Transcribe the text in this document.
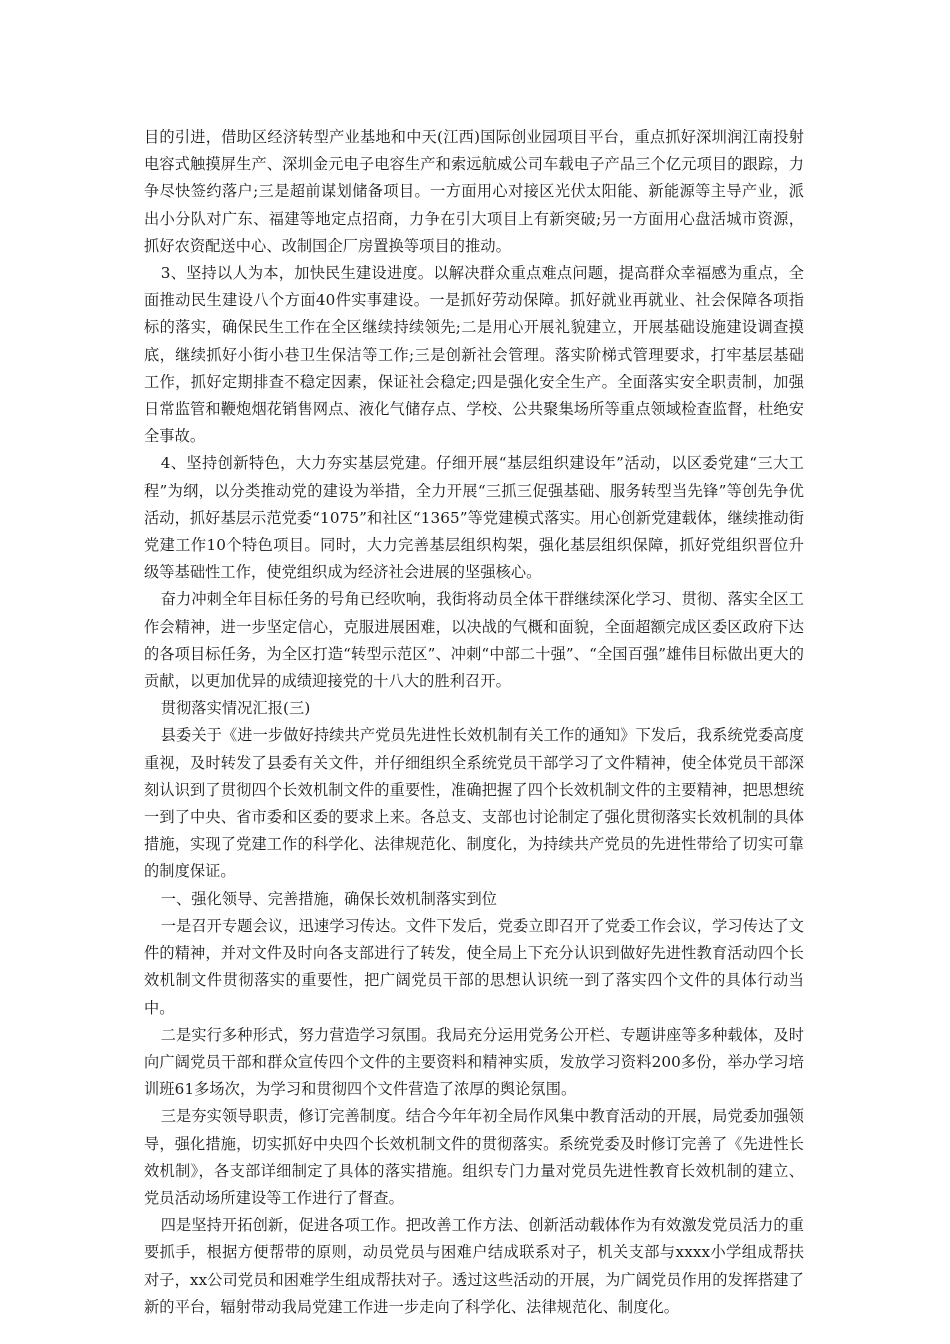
目的引进，借助区经济转型产业基地和中天(江西)国际创业园项目平台，重点抓好深圳润江南投射电容式触摸屏生产、深圳金元电子电容生产和索远航威公司车载电子产品三个亿元项目的跟踪，力争尽快签约落户;三是超前谋划储备项目。一方面用心对接区光伏太阳能、新能源等主导产业，派出小分队对广东、福建等地定点招商，力争在引大项目上有新突破;另一方面用心盘活城市资源，抓好农资配送中心、改制国企厂房置换等项目的推动。

3、坚持以人为本，加快民生建设进度。以解决群众重点难点问题，提高群众幸福感为重点，全面推动民生建设八个方面40件实事建设。一是抓好劳动保障。抓好就业再就业、社会保障各项指标的落实，确保民生工作在全区继续持续领先;二是用心开展礼貌建立，开展基础设施建设调查摸底，继续抓好小街小巷卫生保洁等工作;三是创新社会管理。落实阶梯式管理要求，打牢基层基础工作，抓好定期排查不稳定因素，保证社会稳定;四是强化安全生产。全面落实安全职责制，加强日常监管和鞭炮烟花销售网点、液化气储存点、学校、公共聚集场所等重点领域检查监督，杜绝安全事故。

4、坚持创新特色，大力夯实基层党建。仔细开展“基层组织建设年”活动，以区委党建“三大工程”为纲，以分类推动党的建设为举措，全力开展“三抓三促强基础、服务转型当先锋”等创先争优活动，抓好基层示范党委“1075”和社区“1365”等党建模式落实。用心创新党建载体，继续推动街党建工作10个特色项目。同时，大力完善基层组织构架，强化基层组织保障，抓好党组织晋位升级等基础性工作，使党组织成为经济社会进展的坚强核心。

奋力冲刺全年目标任务的号角已经吹响，我街将动员全体干群继续深化学习、贯彻、落实全区工作会精神，进一步坚定信心，克服进展困难，以决战的气概和面貌，全面超额完成区委区政府下达的各项目标任务，为全区打造“转型示范区”、冲刺“中部二十强”、“全国百强”雄伟目标做出更大的贡献，以更加优异的成绩迎接党的十八大的胜利召开。

贯彻落实情况汇报(三)

县委关于《进一步做好持续共产党员先进性长效机制有关工作的通知》下发后，我系统党委高度重视，及时转发了县委有关文件，并仔细组织全系统党员干部学习了文件精神，使全体党员干部深刻认识到了贯彻四个长效机制文件的重要性，准确把握了四个长效机制文件的主要精神，把思想统一到了中央、省市委和区委的要求上来。各总支、支部也讨论制定了强化贯彻落实长效机制的具体措施，实现了党建工作的科学化、法律规范化、制度化，为持续共产党员的先进性带给了切实可靠的制度保证。

一、强化领导、完善措施，确保长效机制落实到位

一是召开专题会议，迅速学习传达。文件下发后，党委立即召开了党委工作会议，学习传达了文件的精神，并对文件及时向各支部进行了转发，使全局上下充分认识到做好先进性教育活动四个长效机制文件贯彻落实的重要性，把广阔党员干部的思想认识统一到了落实四个文件的具体行动当中。

二是实行多种形式，努力营造学习氛围。我局充分运用党务公开栏、专题讲座等多种载体，及时向广阔党员干部和群众宣传四个文件的主要资料和精神实质，发放学习资料200多份，举办学习培训班61多场次，为学习和贯彻四个文件营造了浓厚的舆论氛围。

三是夯实领导职责，修订完善制度。结合今年年初全局作风集中教育活动的开展，局党委加强领导，强化措施，切实抓好中央四个长效机制文件的贯彻落实。系统党委及时修订完善了《先进性长效机制》，各支部详细制定了具体的落实措施。组织专门力量对党员先进性教育长效机制的建立、党员活动场所建设等工作进行了督查。

四是坚持开拓创新，促进各项工作。把改善工作方法、创新活动载体作为有效激发党员活力的重要抓手，根据方便帮带的原则，动员党员与困难户结成联系对子，机关支部与xxxx小学组成帮扶对子，xx公司党员和困难学生组成帮扶对子。透过这些活动的开展，为广阔党员作用的发挥搭建了新的平台，辐射带动我局党建工作进一步走向了科学化、法律规范化、制度化。
